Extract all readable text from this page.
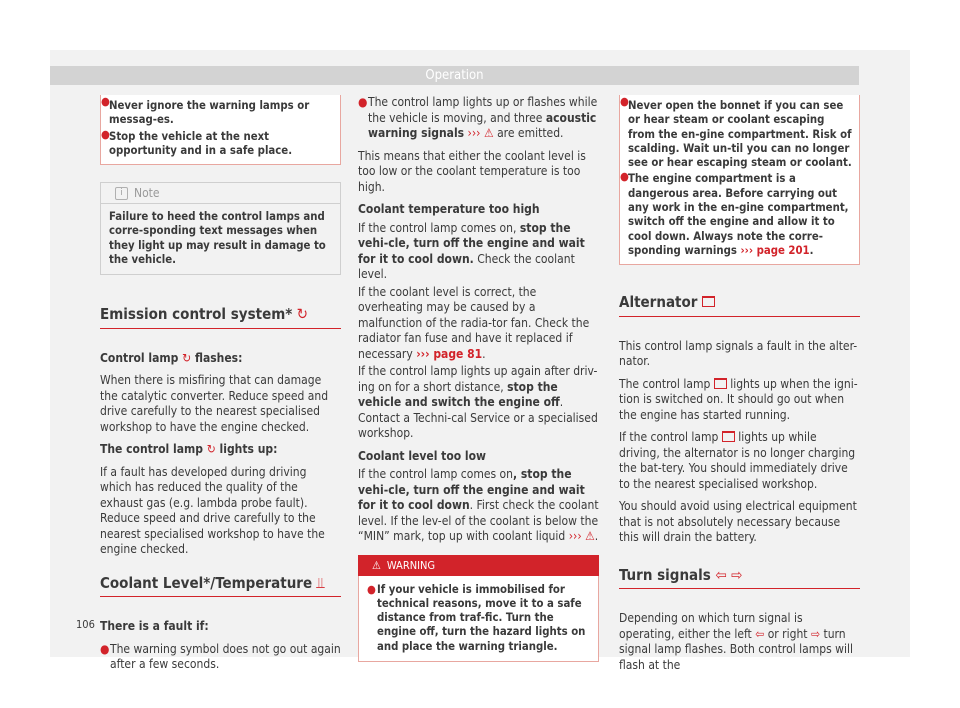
Operation
● Never ignore the warning lamps or messag-es.
● Stop the vehicle at the next opportunity and in a safe place.
i Note
Failure to heed the control lamps and corre-sponding text messages when they light up may result in damage to the vehicle.
Emission control system* ↻

Control lamp ↻ flashes:

When there is misfiring that can damage the catalytic converter. Reduce speed and drive carefully to the nearest specialised workshop to have the engine checked.

The control lamp ↻ lights up:

If a fault has developed during driving which has reduced the quality of the exhaust gas (e.g. lambda probe fault). Reduce speed and drive carefully to the nearest specialised workshop to have the engine checked.

Coolant Level*/Temperature ⫫

There is a fault if:

● The warning symbol does not go out again after a few seconds.
● The control lamp lights up or flashes while the vehicle is moving, and three acoustic warning signals ››› ⚠ are emitted.

This means that either the coolant level is too low or the coolant temperature is too high.

Coolant temperature too high

If the control lamp comes on, stop the vehi-cle, turn off the engine and wait for it to cool down. Check the coolant level.

If the coolant level is correct, the overheating may be caused by a malfunction of the radia-tor fan. Check the radiator fan fuse and have it replaced if necessary ››› page 81.

If the control lamp lights up again after driv-ing on for a short distance, stop the vehicle and switch the engine off. Contact a Techni-cal Service or a specialised workshop.

Coolant level too low

If the control lamp comes on, stop the vehi-cle, turn off the engine and wait for it to cool down. First check the coolant level. If the lev-el of the coolant is below the “MIN” mark, top up with coolant liquid ››› ⚠.

⚠ WARNING
● If your vehicle is immobilised for technical reasons, move it to a safe distance from traf-fic. Turn the engine off, turn the hazard lights on and place the warning triangle.
● Never open the bonnet if you can see or hear steam or coolant escaping from the en-gine compartment. Risk of scalding. Wait un-til you can no longer see or hear escaping steam or coolant.
● The engine compartment is a dangerous area. Before carrying out any work in the en-gine compartment, switch off the engine and allow it to cool down. Always note the corre-sponding warnings ››› page 201.
Alternator

This control lamp signals a fault in the alter-nator.

The control lamp lights up when the igni-tion is switched on. It should go out when the engine has started running.

If the control lamp lights up while driving, the alternator is no longer charging the bat-tery. You should immediately drive to the nearest specialised workshop.

You should avoid using electrical equipment that is not absolutely necessary because this will drain the battery.

Turn signals ⇦ ⇨

Depending on which turn signal is operating, either the left ⇦ or right ⇨ turn signal lamp flashes. Both control lamps will flash at the

106
